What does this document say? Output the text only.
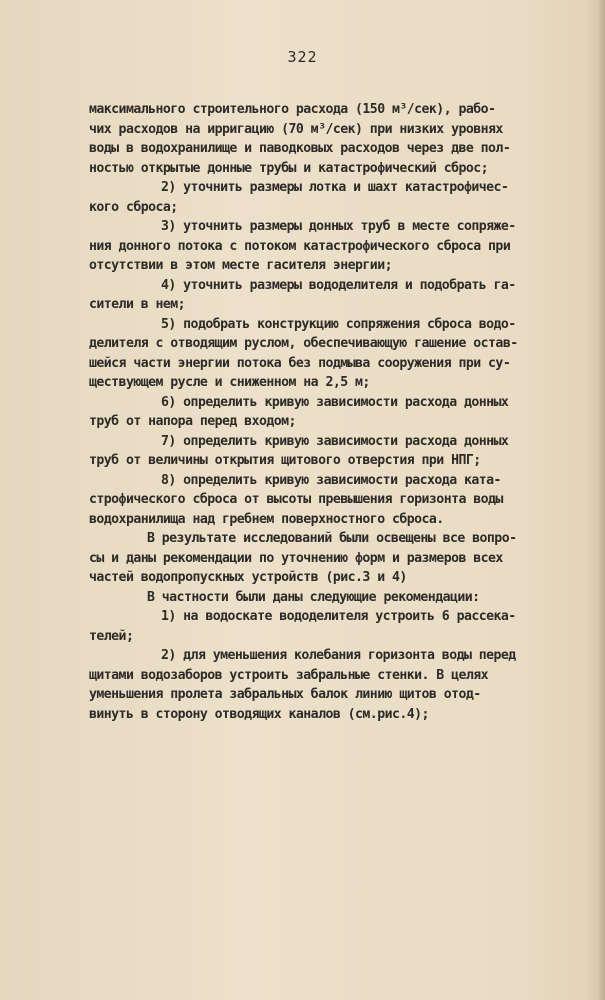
322
максимального строительного расхода (150 м³/сек), рабо-
чих расходов на ирригацию (70 м³/сек) при низких уровнях
воды в водохранилище и паводковых расходов через две пол-
ностью открытые донные трубы и катастрофический сброс;
2) уточнить размеры лотка и шахт катастрофичес-
кого сброса;
3) уточнить размеры донных труб в месте сопряже-
ния донного потока с потоком катастрофического сброса при
отсутствии в этом месте гасителя энергии;
4) уточнить размеры вододелителя и подобрать га-
сители в нем;
5) подобрать конструкцию сопряжения сброса водо-
делителя с отводящим руслом, обеспечивающую гашение остав-
шейся части энергии потока без подмыва сооружения при су-
ществующем русле и сниженном на 2,5 м;
6) определить кривую зависимости расхода донных
труб от напора перед входом;
7) определить кривую зависимости расхода донных
труб от величины открытия щитового отверстия при НПГ;
8) определить кривую зависимости расхода ката-
строфического сброса от высоты превышения горизонта воды
водохранилища над гребнем поверхностного сброса.
В результате исследований были освещены все вопро-
сы и даны рекомендации по уточнению форм и размеров всех
частей водопропускных устройств (рис.3 и 4)
В частности были даны следующие рекомендации:
1) на водоскате вододелителя устроить 6 рассека-
телей;
2) для уменьшения колебания горизонта воды перед
щитами водозаборов устроить забральные стенки. В целях
уменьшения пролета забральных балок линию щитов отод-
винуть в сторону отводящих каналов (см.рис.4);
